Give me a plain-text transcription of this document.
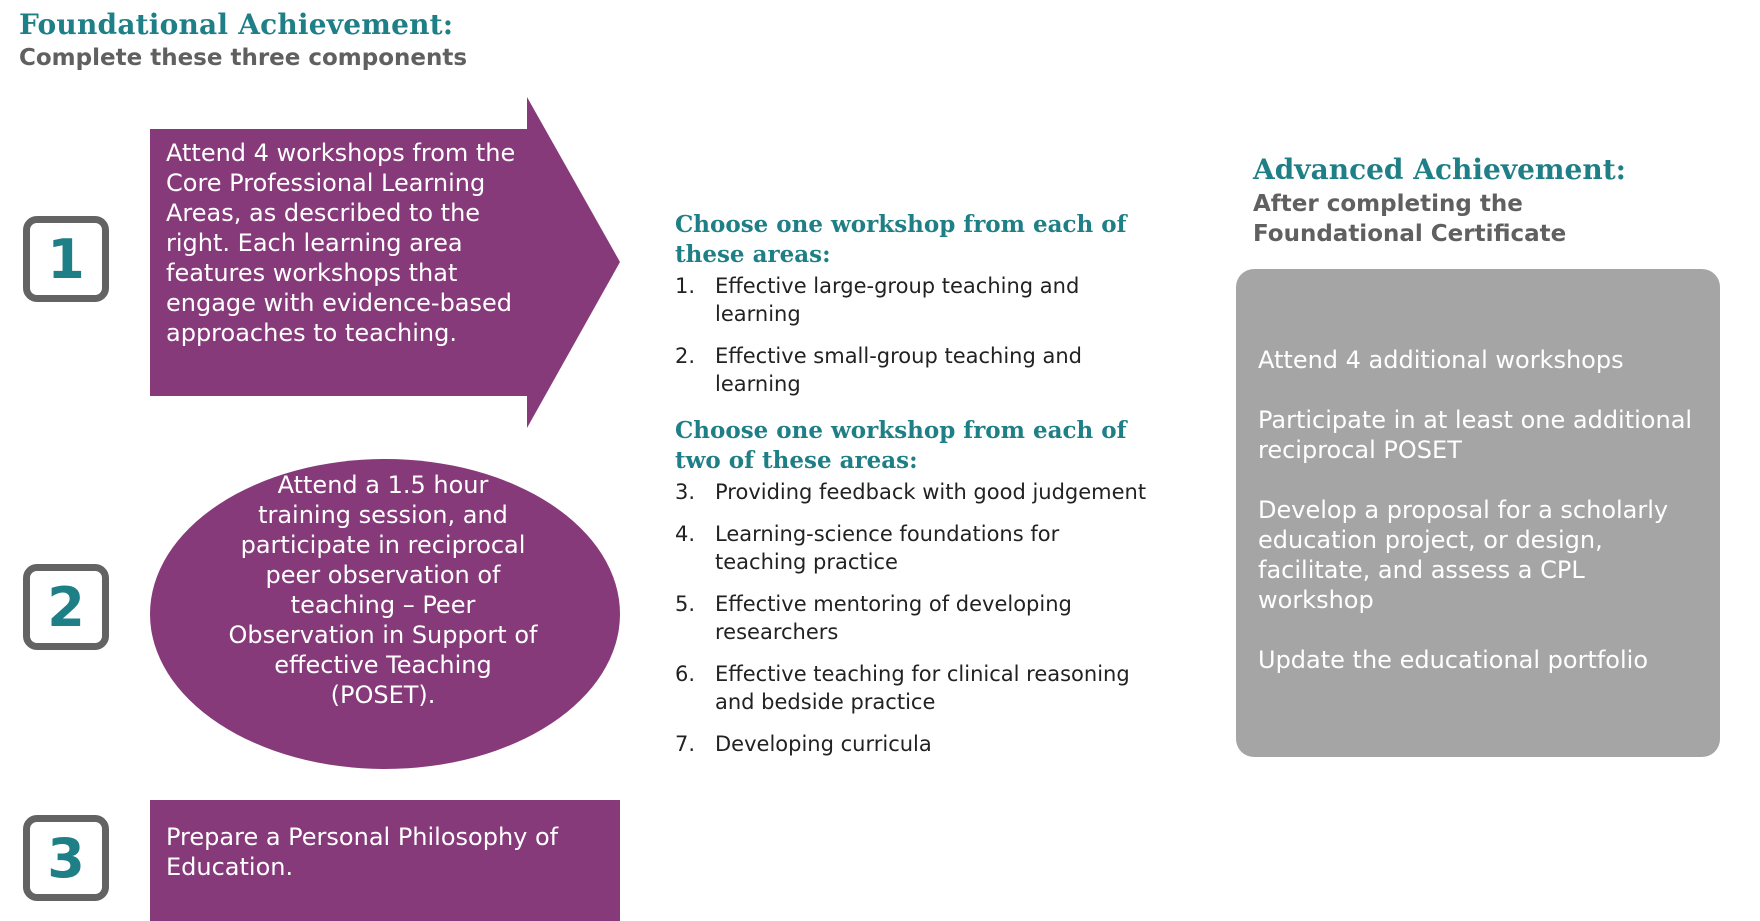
Foundational Achievement:

Complete these three components

1
2
3

Attend 4 workshops from the Core Professional Learning Areas, as described to the right. Each learning area features workshops that engage with evidence-based approaches to teaching.

Attend a 1.5 hour training session, and participate in reciprocal peer observation of teaching – Peer Observation in Support of effective Teaching (POSET).

Prepare a Personal Philosophy of Education.

Choose one workshop from each of these areas:

1. Effective large-group teaching and learning

2. Effective small-group teaching and learning

Choose one workshop from each of two of these areas:

3. Providing feedback with good judgement

4. Learning-science foundations for teaching practice

5. Effective mentoring of developing researchers

6. Effective teaching for clinical reasoning and bedside practice

7. Developing curricula

Advanced Achievement:

After completing the Foundational Certificate

Attend 4 additional workshops

Participate in at least one additional reciprocal POSET

Develop a proposal for a scholarly education project, or design, facilitate, and assess a CPL workshop

Update the educational portfolio
